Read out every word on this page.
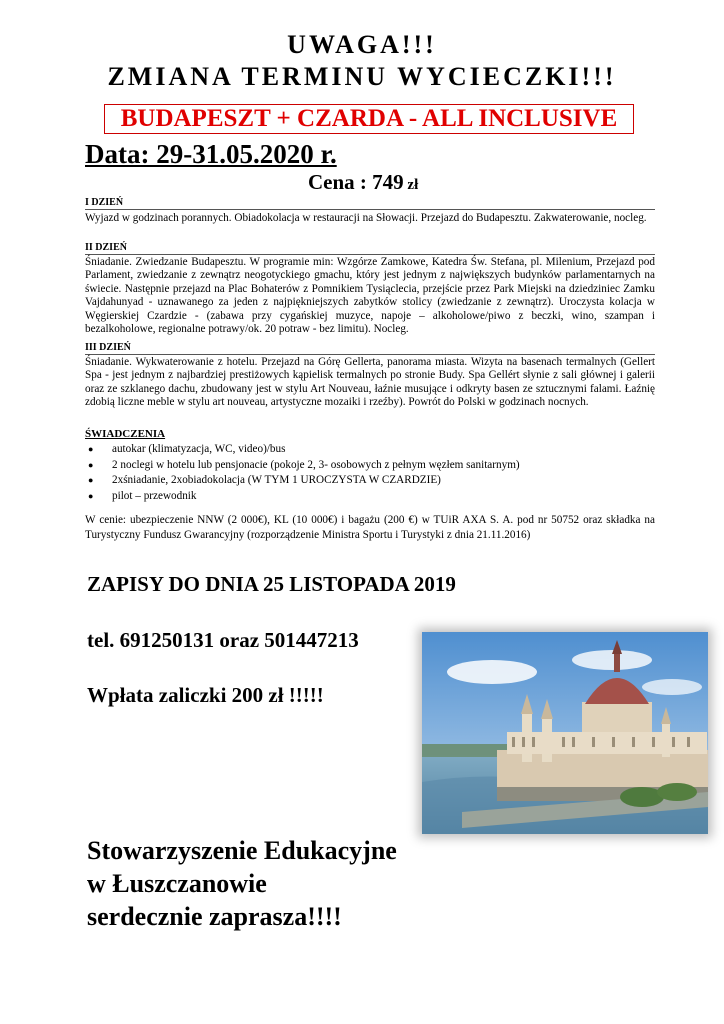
UWAGA!!!
ZMIANA TERMINU WYCIECZKI!!!
BUDAPESZT + CZARDA - ALL INCLUSIVE
Data: 29-31.05.2020 r.
Cena : 749 zł
I DZIEŃ
Wyjazd w godzinach porannych. Obiadokolacja w restauracji na Słowacji. Przejazd do Budapesztu. Zakwaterowanie, nocleg.
II DZIEŃ
Śniadanie. Zwiedzanie Budapesztu. W programie min: Wzgórze Zamkowe, Katedra Św. Stefana, pl. Milenium, Przejazd pod Parlament, zwiedzanie z zewnątrz neogotyckiego gmachu, który jest jednym z największych budynków parlamentarnych na świecie. Następnie przejazd na Plac Bohaterów z Pomnikiem Tysiąclecia, przejście przez Park Miejski na dziedziniec Zamku Vajdahunyad - uznawanego za jeden z najpiękniejszych zabytków stolicy (zwiedzanie z zewnątrz). Uroczysta kolacja w Węgierskiej Czardzie - (zabawa przy cygańskiej muzyce, napoje – alkoholowe/piwo z beczki, wino, szampan i bezalkoholowe, regionalne potrawy/ok. 20 potraw - bez limitu). Nocleg.
III DZIEŃ
Śniadanie. Wykwaterowanie z hotelu. Przejazd na Górę Gellerta, panorama miasta. Wizyta na basenach termalnych (Gellert Spa - jest jednym z najbardziej prestiżowych kąpielisk termalnych po stronie Budy. Spa Gellért słynie z sali głównej i galerii oraz ze szklanego dachu, zbudowany jest w stylu Art Nouveau, łaźnie musujące i odkryty basen ze sztucznymi falami. Łaźnię zdobią liczne meble w stylu art nouveau, artystyczne mozaiki i rzeźby). Powrót do Polski w godzinach nocnych.
ŚWIADCZENIA
●	autokar (klimatyzacja, WC, video)/bus
●	2 noclegi w hotelu lub pensjonacie (pokoje 2, 3- osobowych z pełnym węzłem sanitarnym)
●	2xśniadanie, 2xobiadokolacja (W TYM 1 UROCZYSTA W CZARDZIE)
●	pilot – przewodnik
W cenie: ubezpieczenie NNW (2 000€), KL (10 000€) i bagażu (200 €) w TUiR AXA S. A. pod nr 50752 oraz składka na Turystyczny Fundusz Gwarancyjny (rozporządzenie Ministra Sportu i Turystyki z dnia 21.11.2016)
ZAPISY DO DNIA 25 LISTOPADA 2019
tel. 691250131 oraz 501447213
Wpłata zaliczki 200 zł !!!!!
Stowarzyszenie Edukacyjne
w Łuszczanowie
serdecznie zaprasza!!!!
